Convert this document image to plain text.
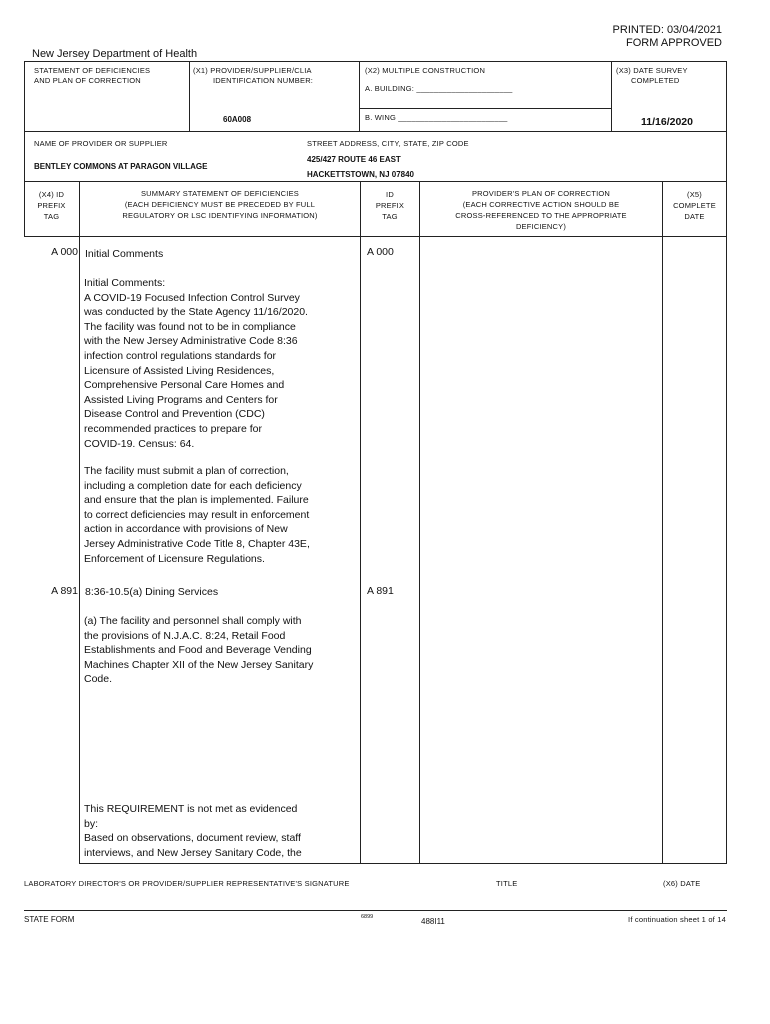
PRINTED: 03/04/2021
FORM APPROVED
New Jersey Department of Health
STATEMENT OF DEFICIENCIES
AND PLAN OF CORRECTION
(X1) PROVIDER/SUPPLIER/CLIA
IDENTIFICATION NUMBER:
60A008
(X2) MULTIPLE CONSTRUCTION
A. BUILDING: ______________________
B. WING _________________________
(X3) DATE SURVEY
COMPLETED
11/16/2020
NAME OF PROVIDER OR SUPPLIER
BENTLEY COMMONS AT PARAGON VILLAGE
STREET ADDRESS, CITY, STATE, ZIP CODE
425/427 ROUTE 46 EAST
HACKETTSTOWN, NJ 07840
(X4) ID
PREFIX
TAG
SUMMARY STATEMENT OF DEFICIENCIES
(EACH DEFICIENCY MUST BE PRECEDED BY FULL
REGULATORY OR LSC IDENTIFYING INFORMATION)
ID
PREFIX
TAG
PROVIDER'S PLAN OF CORRECTION
(EACH CORRECTIVE ACTION SHOULD BE
CROSS-REFERENCED TO THE APPROPRIATE
DEFICIENCY)
(X5)
COMPLETE
DATE
A 000 Initial Comments	A 000
Initial Comments:
A COVID-19 Focused Infection Control Survey
was conducted by the State Agency 11/16/2020.
The facility was found not to be in compliance
with the New Jersey Administrative Code 8:36
infection control regulations standards for
Licensure of Assisted Living Residences,
Comprehensive Personal Care Homes and
Assisted Living Programs and Centers for
Disease Control and Prevention (CDC)
recommended practices to prepare for
COVID-19. Census: 64.
The facility must submit a plan of correction,
including a completion date for each deficiency
and ensure that the plan is implemented. Failure
to correct deficiencies may result in enforcement
action in accordance with provisions of New
Jersey Administrative Code Title 8, Chapter 43E,
Enforcement of Licensure Regulations.
A 891 8:36-10.5(a) Dining Services	A 891
(a) The facility and personnel shall comply with
the provisions of N.J.A.C. 8:24, Retail Food
Establishments and Food and Beverage Vending
Machines Chapter XII of the New Jersey Sanitary
Code.
This REQUIREMENT is not met as evidenced
by:
Based on observations, document review, staff
interviews, and New Jersey Sanitary Code, the
LABORATORY DIRECTOR'S OR PROVIDER/SUPPLIER REPRESENTATIVE'S SIGNATURE	TITLE	(X6) DATE
STATE FORM	6899	488I11	If continuation sheet 1 of 14
